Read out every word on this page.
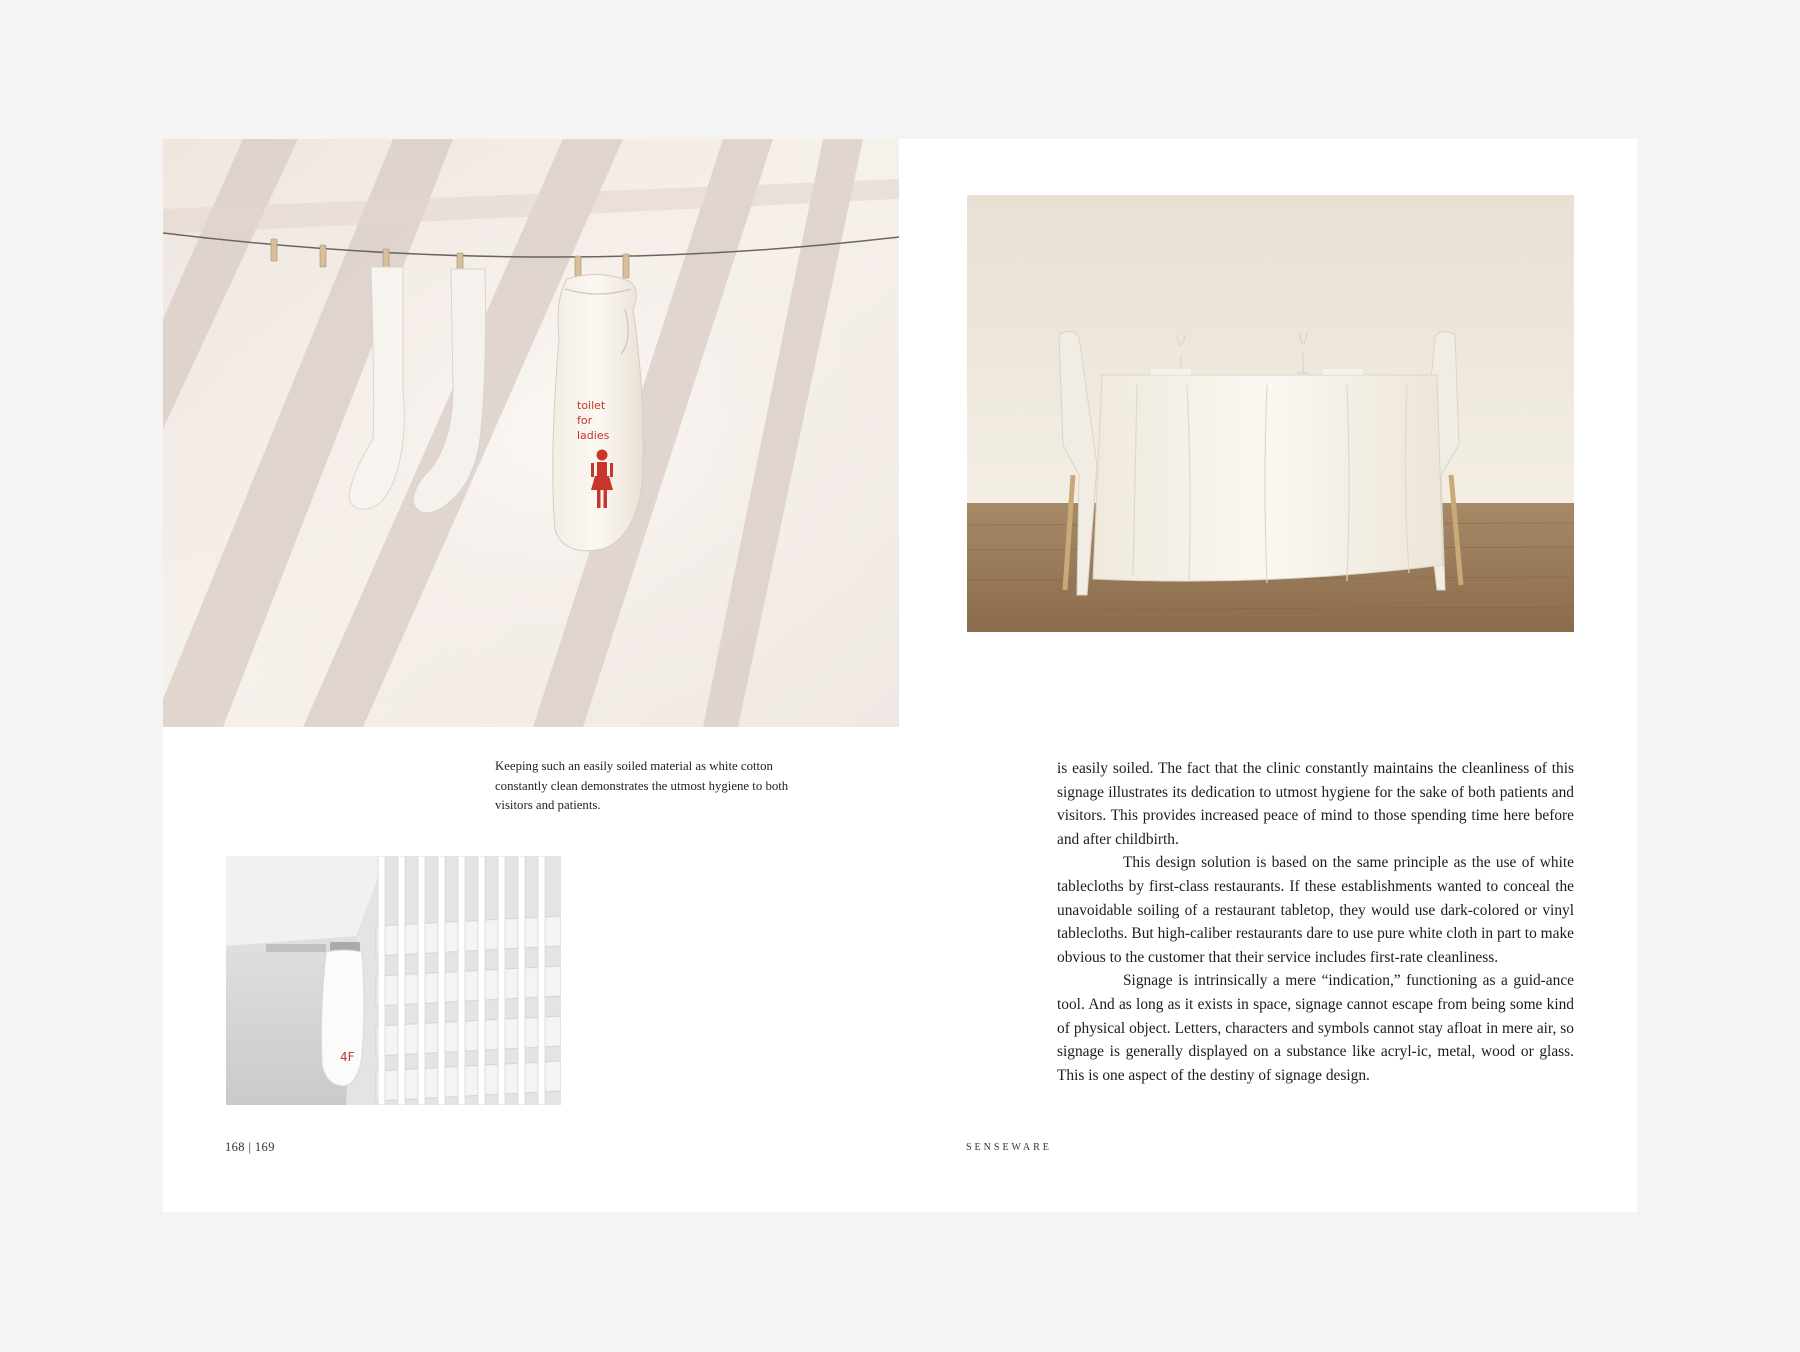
toilet
for
ladies
4F
Keeping such an easily soiled material as white cotton constantly clean demonstrates the utmost hygiene to both visitors and patients.

is easily soiled. The fact that the clinic constantly maintains the cleanliness of this signage illustrates its dedication to utmost hygiene for the sake of both patients and visitors. This provides increased peace of mind to those spending time here before and after childbirth.

This design solution is based on the same principle as the use of white tablecloths by first-class restaurants. If these establishments wanted to conceal the unavoidable soiling of a restaurant tabletop, they would use dark-colored or vinyl tablecloths. But high-caliber restaurants dare to use pure white cloth in part to make obvious to the customer that their service includes first-rate cleanliness.

Signage is intrinsically a mere “indication,” functioning as a guid-ance tool. And as long as it exists in space, signage cannot escape from being some kind of physical object. Letters, characters and symbols cannot stay afloat in mere air, so signage is generally displayed on a substance like acryl-ic, metal, wood or glass. This is one aspect of the destiny of signage design.

168 | 169	SENSEWARE
